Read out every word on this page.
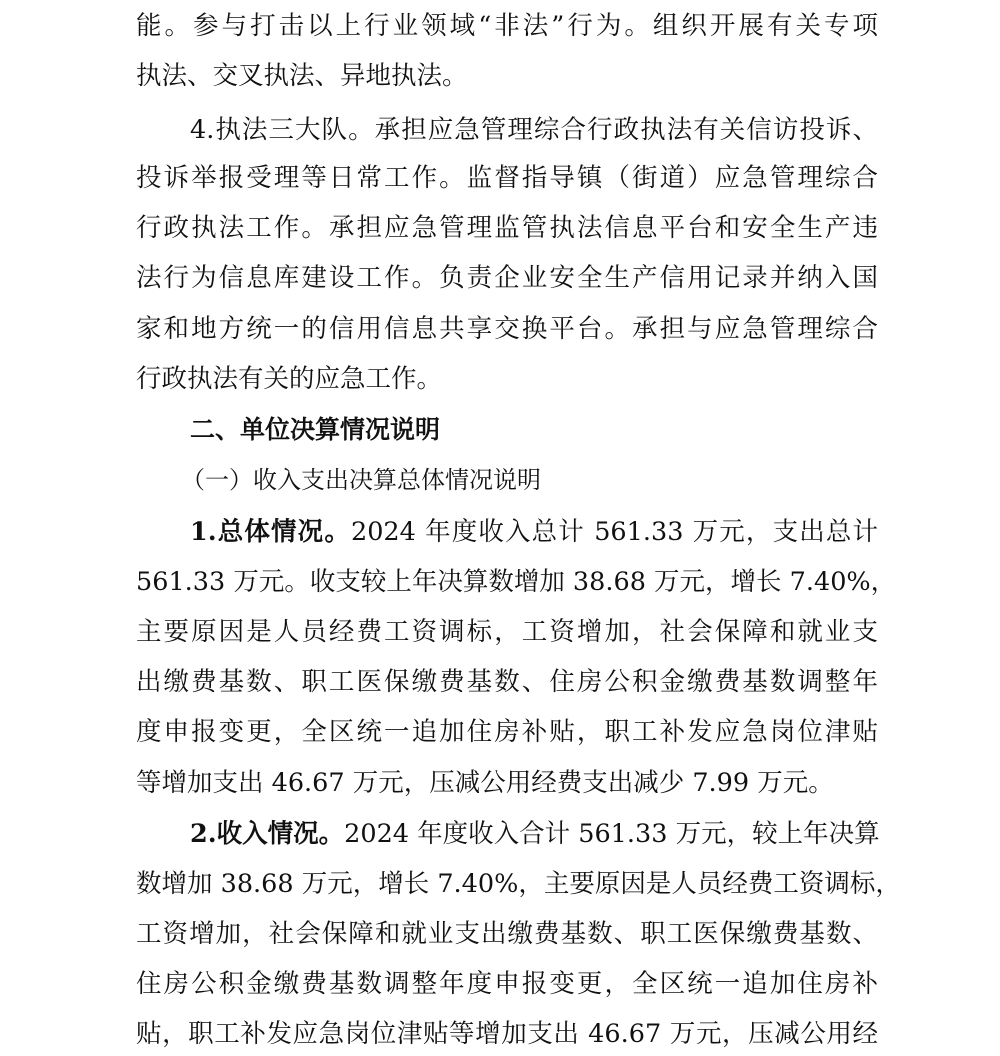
能。参与打击以上行业领域“非法”行为。组织开展有关专项
执法、交叉执法、异地执法。
4.执法三大队。承担应急管理综合行政执法有关信访投诉、
投诉举报受理等日常工作。监督指导镇（街道）应急管理综合
行政执法工作。承担应急管理监管执法信息平台和安全生产违
法行为信息库建设工作。负责企业安全生产信用记录并纳入国
家和地方统一的信用信息共享交换平台。承担与应急管理综合
行政执法有关的应急工作。
二、单位决算情况说明
（一）收入支出决算总体情况说明
1.总体情况。2024 年度收入总计 561.33 万元，支出总计
561.33 万元。收支较上年决算数增加 38.68 万元，增长 7.40%，
主要原因是人员经费工资调标，工资增加，社会保障和就业支
出缴费基数、职工医保缴费基数、住房公积金缴费基数调整年
度申报变更，全区统一追加住房补贴，职工补发应急岗位津贴
等增加支出 46.67 万元，压减公用经费支出减少 7.99 万元。
2.收入情况。2024 年度收入合计 561.33 万元，较上年决算
数增加 38.68 万元，增长 7.40%，主要原因是人员经费工资调标，
工资增加，社会保障和就业支出缴费基数、职工医保缴费基数、
住房公积金缴费基数调整年度申报变更，全区统一追加住房补
贴，职工补发应急岗位津贴等增加支出 46.67 万元，压减公用经
